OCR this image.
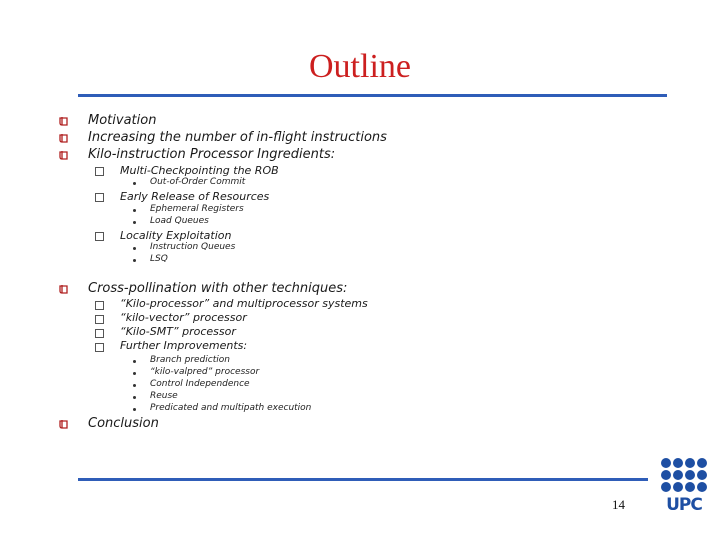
Outline
Motivation
Increasing the number of in-flight instructions
Kilo-instruction Processor Ingredients:
Multi-Checkpointing the ROB
Out-of-Order Commit
Early Release of Resources
Ephemeral Registers
Load Queues
Locality Exploitation
Instruction Queues
LSQ
Cross-pollination with other techniques:
“Kilo-processor” and multiprocessor systems
“kilo-vector” processor
“Kilo-SMT” processor
Further Improvements:
Branch prediction
“kilo-valpred” processor
Control Independence
Reuse
Predicated and multipath execution
Conclusion
14	UPC
